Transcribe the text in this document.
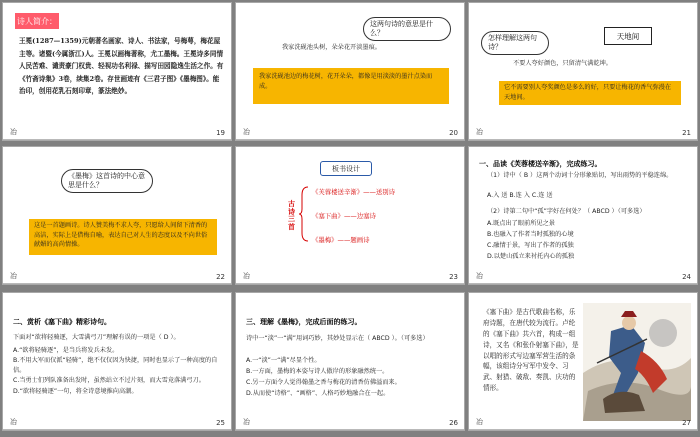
诗人简介：
王冕(1287—1359)元朝著名画家、诗人、书法家，号梅萼，梅花屋主等。诸暨(今属浙江)人。王冕以画梅著称，尤工墨梅。王冕诗多同情人民苦难、谴责豪门权贵、轻视功名利禄、描写田园隐逸生活之作。有《竹斋诗集》3卷，续集2卷。存世画迹有《三君子图》《墨梅图》。能治印，创用花乳石刻印章，篆法绝妙。
冶	19
这两句诗的意思是什么？
我家洗砚池头树，朵朵花开淡墨痕。
我家洗砚池边的梅花树，花开朵朵，都像是用淡淡的墨汁点染而成。
冶	20
怎样理解这两句诗？
天地间
不要人夸好颜色，只留清气满乾坤。
它不需要别人夸奖颜色是多么的好，只要让梅花的香气弥漫在天地间。
冶	21
《墨梅》这首诗的中心意思是什么？
这是一首题画诗。诗人赞美梅不求人夸，只愿给人间留下清香的高洁，实际上是借梅自喻，表达自己对人生的态度以及不向世俗献媚的高尚情操。
冶	22
板书设计
古诗三首
《芙蓉楼送辛渐》——送别诗
《塞下曲》——边塞诗
《墨梅》——题画诗
冶	23
一、品读《芙蓉楼送辛渐》，完成练习。
（1）诗中（ B ）这两个动词十分形象贴切，写出雨势的平稳连绵。
A.入 送 B.连 入 C.连 送
（2）诗第二句中“孤”字好在何处？（ ABCD ）（可多选）
A.既点出了眼前所见之景
B.也融入了作者当时孤独的心境
C.融情于景，写出了作者的孤独
D.以楚山孤立来衬托内心的孤独
冶	24
二、赏析《塞下曲》精彩诗句。
下面对“欲将轻骑逐，大雪满弓刀”理解有误的一项是（ D ）。
A.“欲将轻骑逐”，是当兵将发兵未发。
B.不用大军而仅派“轻骑”，绝不仅仅因为快捷，同时也显示了一种高度的自信。
C.当勇士们列队准备出发时，虽然站立不过片刻，而大雪竟落满弓刀。
D.“欲将轻骑逐”一句，将全诗意境推向高潮。
冶	25
三、理解《墨梅》，完成后面的练习。
诗中一“淡”一“满”用词巧妙，其妙处显示在（ ABCD ）。（可多选）
A.一“淡”一“满”尽显个性。
B.一方面，墨梅的本姿与诗人傲岸的形象融然统一。
C.另一方面令人觉得翰墨之香与梅花的清香仿佛溢而来。
D.从而使“诗格”、“画格”、人格巧妙地融合在一起。
冶	26
《塞下曲》是古代歌曲名称，乐府诗题，在唐代较为流行。卢纶的《塞下曲》共六首，构成一组诗，又名《和张仆射塞下曲》，是以唱的形式写边塞军营生活的条幅，该组诗分写军中发令、习武、射猎、破敌、奏凯、庆功的情形。
冶	27
